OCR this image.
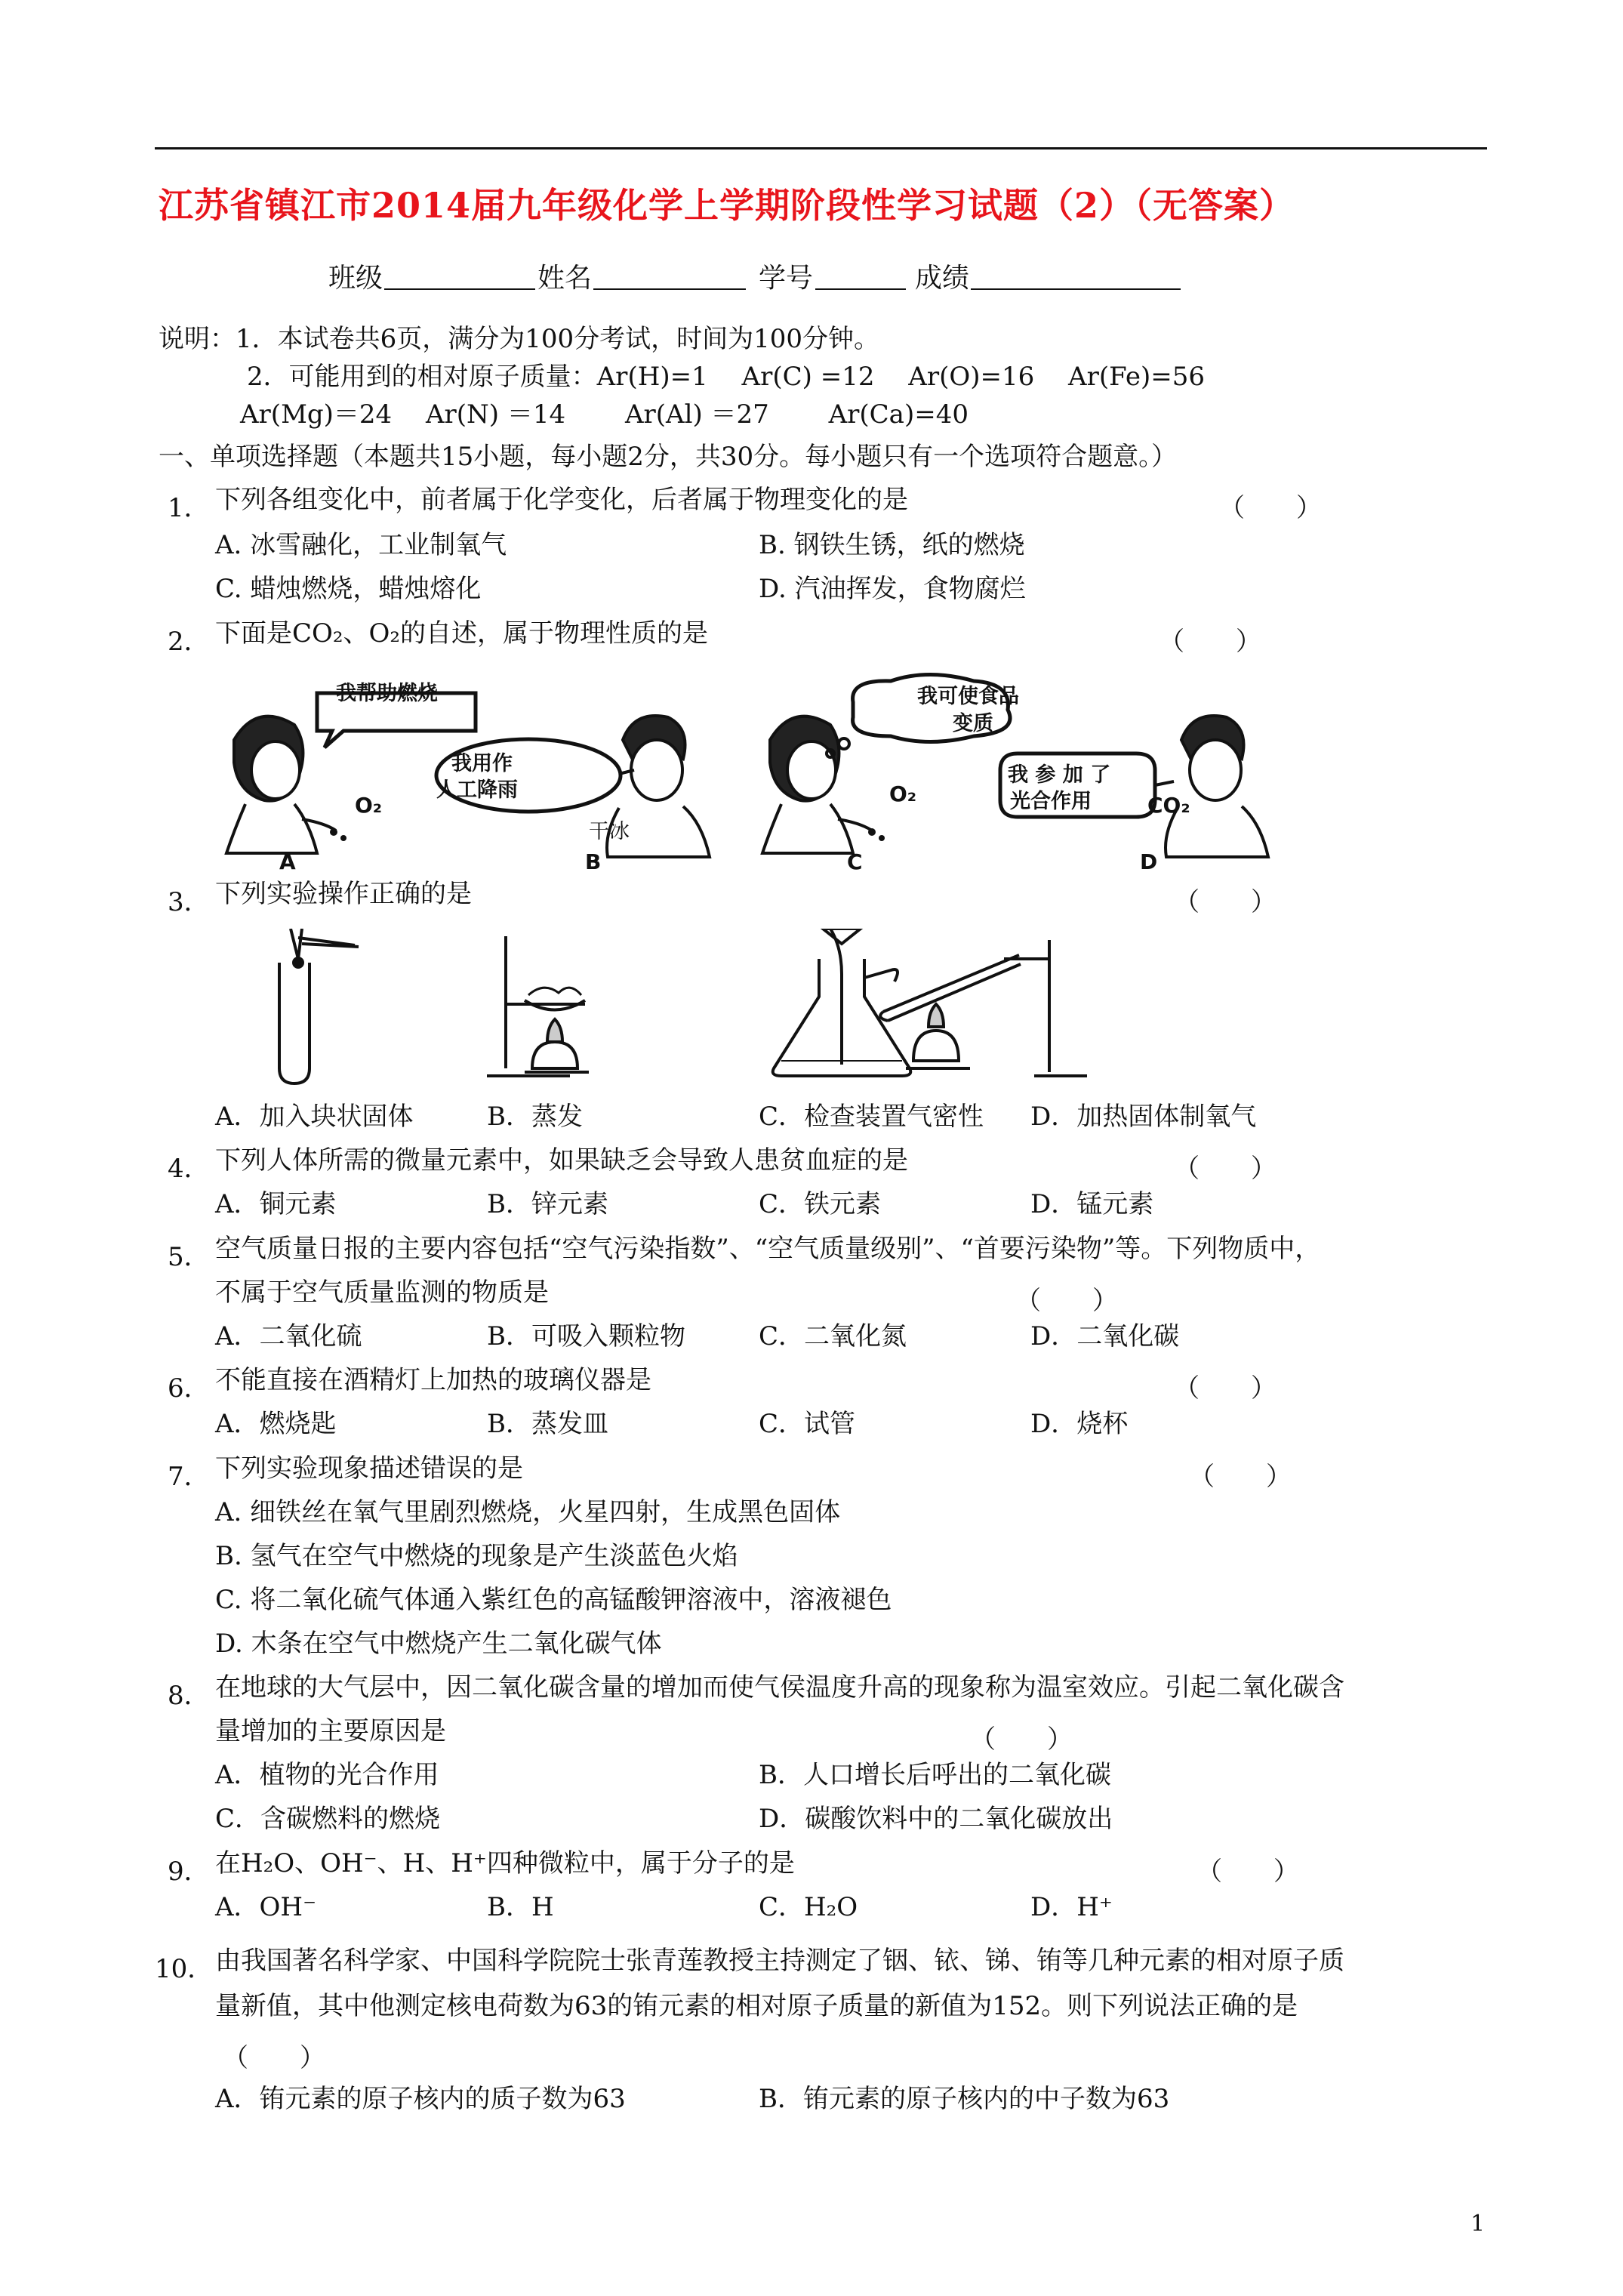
江苏省镇江市2014届九年级化学上学期阶段性学习试题（2）（无答案）
班级	姓名	学号	成绩
说明：1．本试卷共6页，满分为100分考试，时间为100分钟。
2．可能用到的相对原子质量：Ar(H)=1　 Ar(C) =12　 Ar(O)=16　 Ar(Fe)=56
Ar(Mg)＝24　 Ar(N) ＝14　　 Ar(Al) ＝27　　 Ar(Ca)=40
一、单项选择题（本题共15小题，每小题2分，共30分。每小题只有一个选项符合题意。）
1． 下列各组变化中，前者属于化学变化，后者属于物理变化的是	（　　）
A. 冰雪融化，工业制氧气	B. 钢铁生锈，纸的燃烧
C. 蜡烛燃烧，蜡烛熔化	D. 汽油挥发，食物腐烂
2． 下面是CO₂、O₂的自述，属于物理性质的是	（　　）
我帮助燃烧
O₂
A
我用作
人工降雨
干冰
B
我可使食品
变质
O₂
C
我 参 加 了
光合作用	CO₂
D
3． 下列实验操作正确的是	（　　）
A．加入块状固体	B．蒸发	C．检查装置气密性 D．加热固体制氧气
4． 下列人体所需的微量元素中，如果缺乏会导致人患贫血症的是	（　　）
A．铜元素	B．锌元素	C．铁元素	D．锰元素
5． 空气质量日报的主要内容包括“空气污染指数”、“空气质量级别”、“首要污染物”等。下列物质中，
不属于空气质量监测的物质是	（　　）
A．二氧化硫	B．可吸入颗粒物	C．二氧化氮	D．二氧化碳
6． 不能直接在酒精灯上加热的玻璃仪器是	（　　）
A．燃烧匙	B．蒸发皿	C．试管	D．烧杯
7． 下列实验现象描述错误的是	（　　）
A. 细铁丝在氧气里剧烈燃烧，火星四射，生成黑色固体
B. 氢气在空气中燃烧的现象是产生淡蓝色火焰
C. 将二氧化硫气体通入紫红色的高锰酸钾溶液中，溶液褪色
D. 木条在空气中燃烧产生二氧化碳气体
8． 在地球的大气层中，因二氧化碳含量的增加而使气侯温度升高的现象称为温室效应。引起二氧化碳含
量增加的主要原因是	（　　）
A．植物的光合作用	B．人口增长后呼出的二氧化碳
C．含碳燃料的燃烧	D．碳酸饮料中的二氧化碳放出
9． 在H₂O、OH⁻、H、H⁺四种微粒中，属于分子的是	（　　）
A．OH⁻	B．H	C．H₂O	D．H⁺
10． 由我国著名科学家、中国科学院院士张青莲教授主持测定了铟、铱、锑、铕等几种元素的相对原子质
量新值，其中他测定核电荷数为63的铕元素的相对原子质量的新值为152。则下列说法正确的是
（　　）
A．铕元素的原子核内的质子数为63	B．铕元素的原子核内的中子数为63
1
